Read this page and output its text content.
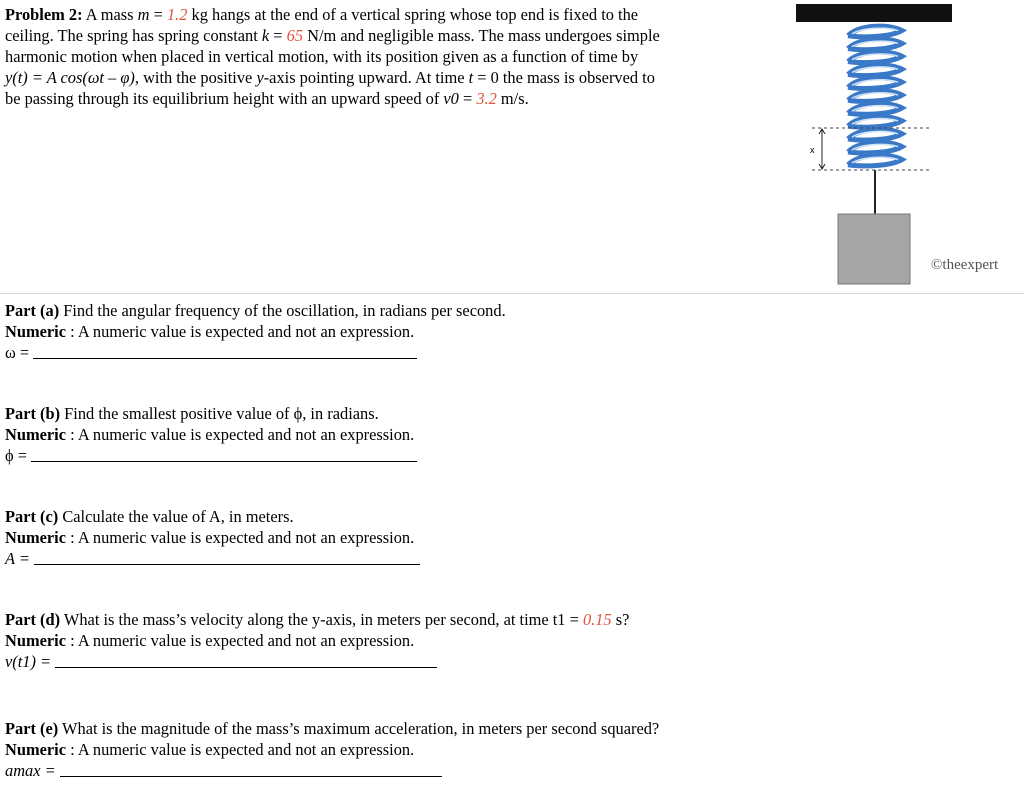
Problem 2: A mass m = 1.2 kg hangs at the end of a vertical spring whose top end is fixed to the ceiling. The spring has spring constant k = 65 N/m and negligible mass. The mass undergoes simple harmonic motion when placed in vertical motion, with its position given as a function of time by y(t) = A cos(ωt – φ), with the positive y-axis pointing upward. At time t = 0 the mass is observed to be passing through its equilibrium height with an upward speed of v0 = 3.2 m/s.
x
©theexpert
Part (a) Find the angular frequency of the oscillation, in radians per second.
Numeric : A numeric value is expected and not an expression.
ω =
Part (b) Find the smallest positive value of ϕ, in radians.
Numeric : A numeric value is expected and not an expression.
ϕ =
Part (c) Calculate the value of A, in meters.
Numeric : A numeric value is expected and not an expression.
A =
Part (d) What is the mass’s velocity along the y-axis, in meters per second, at time t1 = 0.15 s?
Numeric : A numeric value is expected and not an expression.
v(t1) =
Part (e) What is the magnitude of the mass’s maximum acceleration, in meters per second squared?
Numeric : A numeric value is expected and not an expression.
amax =
